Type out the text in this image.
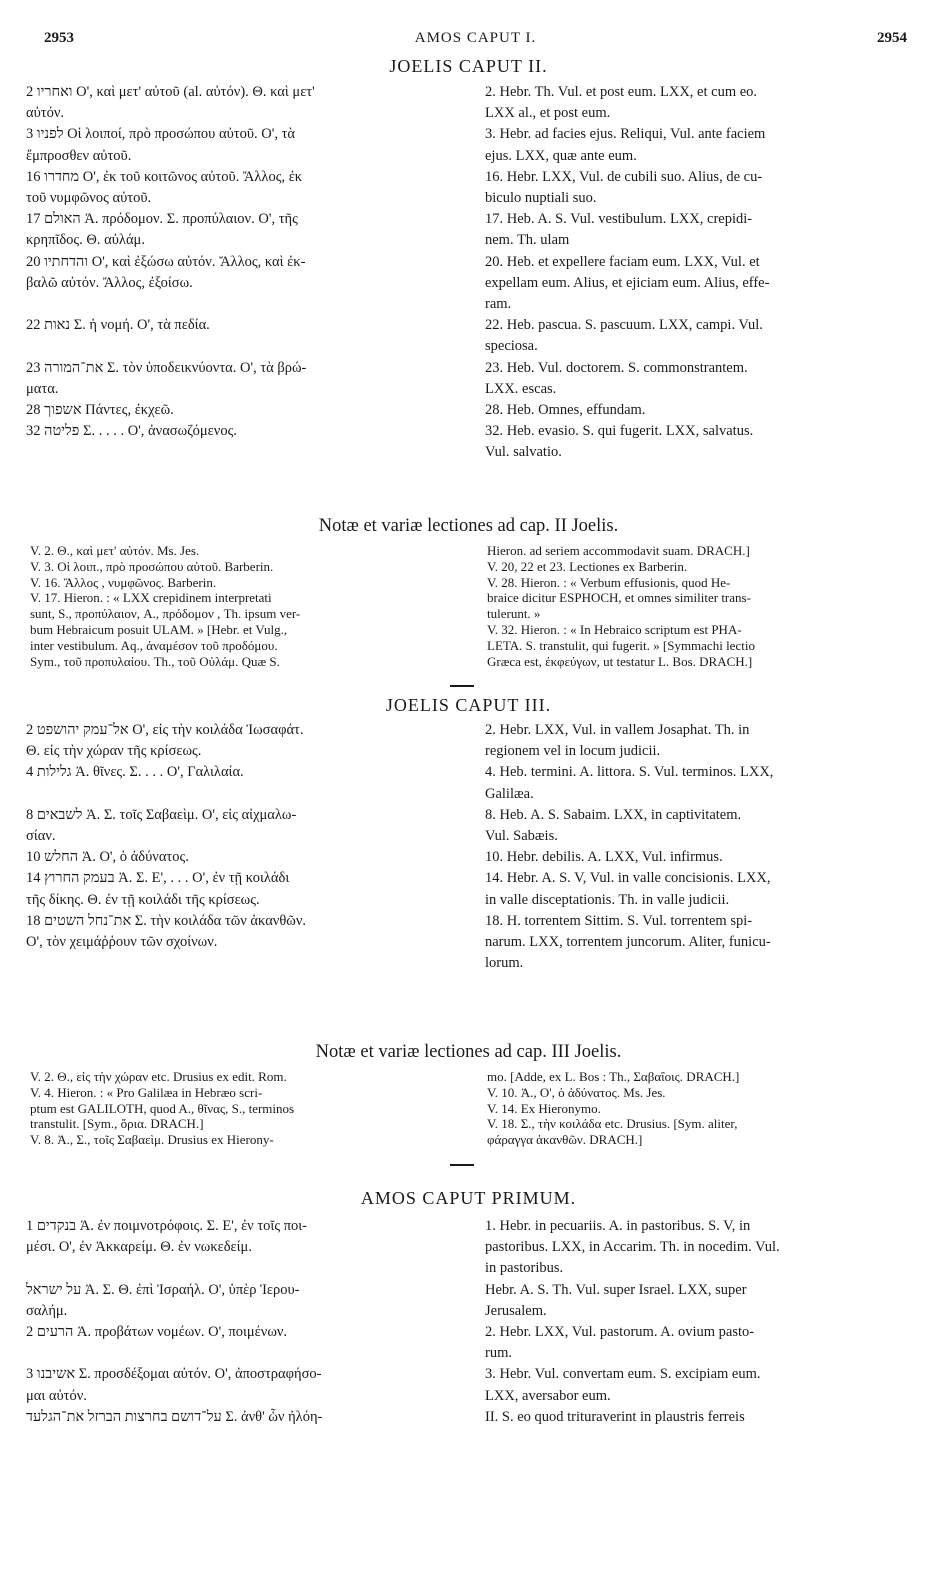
2953	AMOS CAPUT I.	2954
JOELIS CAPUT II.
ואחריו 2 Ο', καὶ μετ' αὐτοῦ (al. αὐτόν). Θ. καὶ μετ'
αὐτόν.
לפניו 3 Οἱ λοιποί, πρὸ προσώπου αὐτοῦ. Ο', τὰ
ἔμπροσθεν αὐτοῦ.
מחדרו 16 Ο', ἐκ τοῦ κοιτῶνος αὐτοῦ. Ἄλλος, ἐκ
τοῦ νυμφῶνος αὐτοῦ.
האולם 17 Ἀ. πρόδομον. Σ. προπύλαιον. Ο', τῆς
κρηπῖδος. Θ. αὐλάμ.
והדחתיו 20 Ο', καὶ ἐξώσω αὐτόν. Ἄλλος, καὶ ἐκ-
βαλῶ αὐτόν. Ἄλλος, ἐξοίσω.

נאות 22 Σ. ἡ νομή. Ο', τὰ πεδία.

את־המורה 23 Σ. τὸν ὑποδεικνύοντα. Ο', τὰ βρώ-
ματα.
אשפוך 28 Πάντες, ἐκχεῶ.
פליטה 32 Σ. . . . . Ο', ἀνασωζόμενος.
2. Hebr. Th. Vul. et post eum. LXX, et cum eo.
LXX al., et post eum.
3. Hebr. ad facies ejus. Reliqui, Vul. ante faciem
ejus. LXX, quæ ante eum.
16. Hebr. LXX, Vul. de cubili suo. Alius, de cu-
biculo nuptiali suo.
17. Heb. A. S. Vul. vestibulum. LXX, crepidi-
nem. Th. ulam
20. Heb. et expellere faciam eum. LXX, Vul. et
expellam eum. Alius, et ejiciam eum. Alius, effe-
ram.
22. Heb. pascua. S. pascuum. LXX, campi. Vul.
speciosa.
23. Heb. Vul. doctorem. S. commonstrantem.
LXX. escas.
28. Heb. Omnes, effundam.
32. Heb. evasio. S. qui fugerit. LXX, salvatus.
Vul. salvatio.
Notæ et variæ lectiones ad cap. II Joelis.
V. 2. Θ., καὶ μετ' αὐτόν. Ms. Jes.
V. 3. Οἱ λοιπ., πρὸ προσώπου αὐτοῦ. Barberin.
V. 16. Ἄλλος , νυμφῶνος. Barberin.
V. 17. Hieron. : « LXX crepidinem interpretati
sunt, S., προπύλαιον, A., πρόδομον , Th. ipsum ver-
bum Hebraicum posuit ULAM. » [Hebr. et Vulg.,
inter vestibulum. Aq., ἀναμέσον τοῦ προδόμου.
Sym., τοῦ προπυλαίου. Th., τοῦ Οὐλάμ. Quæ S.
Hieron. ad seriem accommodavit suam. DRACH.]
V. 20, 22 et 23. Lectiones ex Barberin.
V. 28. Hieron. : « Verbum effusionis, quod He-
braice dicitur ESPHOCH, et omnes similiter trans-
tulerunt. »
V. 32. Hieron. : « In Hebraico scriptum est PHA-
LETA. S. transtulit, qui fugerit. » [Symmachi lectio
Græca est, ἐκφεύγων, ut testatur L. Bos. DRACH.]
JOELIS CAPUT III.
אל־עמק יהושפט 2 Ο', εἰς τὴν κοιλάδα Ἰωσαφάτ.
Θ. εἰς τὴν χώραν τῆς κρίσεως.
גלילות 4 Ἀ. θῖνες. Σ. . . . Ο', Γαλιλαία.

לשבאים 8 Ἀ. Σ. τοῖς Σαβαεὶμ. Ο', εἰς αἰχμαλω-
σίαν.
החלש 10 Ἀ. Ο', ὁ ἀδύνατος.
בעמק החרוץ 14 Ἀ. Σ. Ε', . . . Ο', ἐν τῇ κοιλάδι
τῆς δίκης. Θ. ἐν τῇ κοιλάδι τῆς κρίσεως.
את־נחל השטים 18 Σ. τὴν κοιλάδα τῶν ἀκανθῶν.
Ο', τὸν χειμάῤῥουν τῶν σχοίνων.
2. Hebr. LXX, Vul. in vallem Josaphat. Th. in
regionem vel in locum judicii.
4. Heb. termini. A. littora. S. Vul. terminos. LXX,
Galilæa.
8. Heb. A. S. Sabaim. LXX, in captivitatem.
Vul. Sabæis.
10. Hebr. debilis. A. LXX, Vul. infirmus.
14. Hebr. A. S. V, Vul. in valle concisionis. LXX,
in valle disceptationis. Th. in valle judicii.
18. H. torrentem Sittim. S. Vul. torrentem spi-
narum. LXX, torrentem juncorum. Aliter, funicu-
lorum.
Notæ et variæ lectiones ad cap. III Joelis.
V. 2. Θ., εἰς τὴν χώραν etc. Drusius ex edit. Rom.
V. 4. Hieron. : « Pro Galilæa in Hebræo scri-
ptum est GALILOTH, quod A., θῖνας, S., terminos
transtulit. [Sym., ὅρια. DRACH.]
V. 8. Ἀ., Σ., τοῖς Σαβαεὶμ. Drusius ex Hierony-
mo. [Adde, ex L. Bos : Th., Σαβαΐοις. DRACH.]
V. 10. Ἀ., Ο', ὁ ἀδύνατος. Ms. Jes.
V. 14. Ex Hieronymo.
V. 18. Σ., τὴν κοιλάδα etc. Drusius. [Sym. aliter,
φάραγγα ἀκανθῶν. DRACH.]
AMOS CAPUT PRIMUM.
בנקדים 1 Ἀ. ἐν ποιμνοτρόφοις. Σ. Ε', ἐν τοῖς ποι-
μέσι. Ο', ἐν Ἀκκαρείμ. Θ. ἐν νωκεδείμ.

על ישראל Ἀ. Σ. Θ. ἐπὶ Ἰσραήλ. Ο', ὑπὲρ Ἱερου-
σαλήμ.
הרעים 2 Ἀ. προβάτων νομέων. Ο', ποιμένων.

אשיבנו 3 Σ. προσδέξομαι αὐτόν. Ο', ἀποστραφήσο-
μαι αὐτόν.
על־דושם בחרצות הברזל את־הגלעד Σ. ἀνθ' ὧν ἠλόη-
1. Hebr. in pecuariis. A. in pastoribus. S. V, in
pastoribus. LXX, in Accarim. Th. in nocedim. Vul.
in pastoribus.
Hebr. A. S. Th. Vul. super Israel. LXX, super
Jerusalem.
2. Hebr. LXX, Vul. pastorum. A. ovium pasto-
rum.
3. Hebr. Vul. convertam eum. S. excipiam eum.
LXX, aversabor eum.
II. S. eo quod trituraverint in plaustris ferreis
